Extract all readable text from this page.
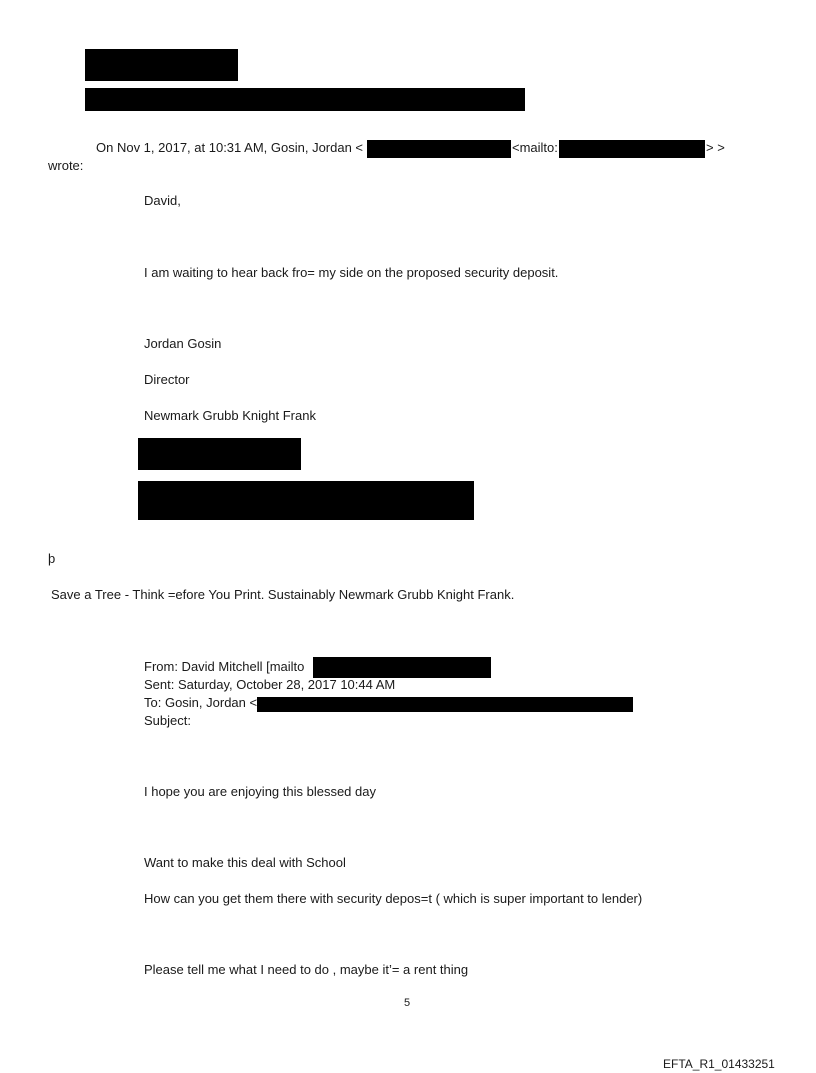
On Nov 1, 2017, at 10:31 AM, Gosin, Jordan <	<mailto:	> >
wrote:
David,
I am waiting to hear back fro= my side on the proposed security deposit.
Jordan Gosin
Director
Newmark Grubb Knight Frank
þ
Save a Tree - Think =efore You Print. Sustainably Newmark Grubb Knight Frank.
From: David Mitchell [mailto
Sent: Saturday, October 28, 2017 10:44 AM
To: Gosin, Jordan <
Subject:
I hope you are enjoying this blessed day
Want to make this deal with School
How can you get them there with security depos=t ( which is super important to lender)
Please tell me what I need to do , maybe it’= a rent thing
5
EFTA_R1_01433251
